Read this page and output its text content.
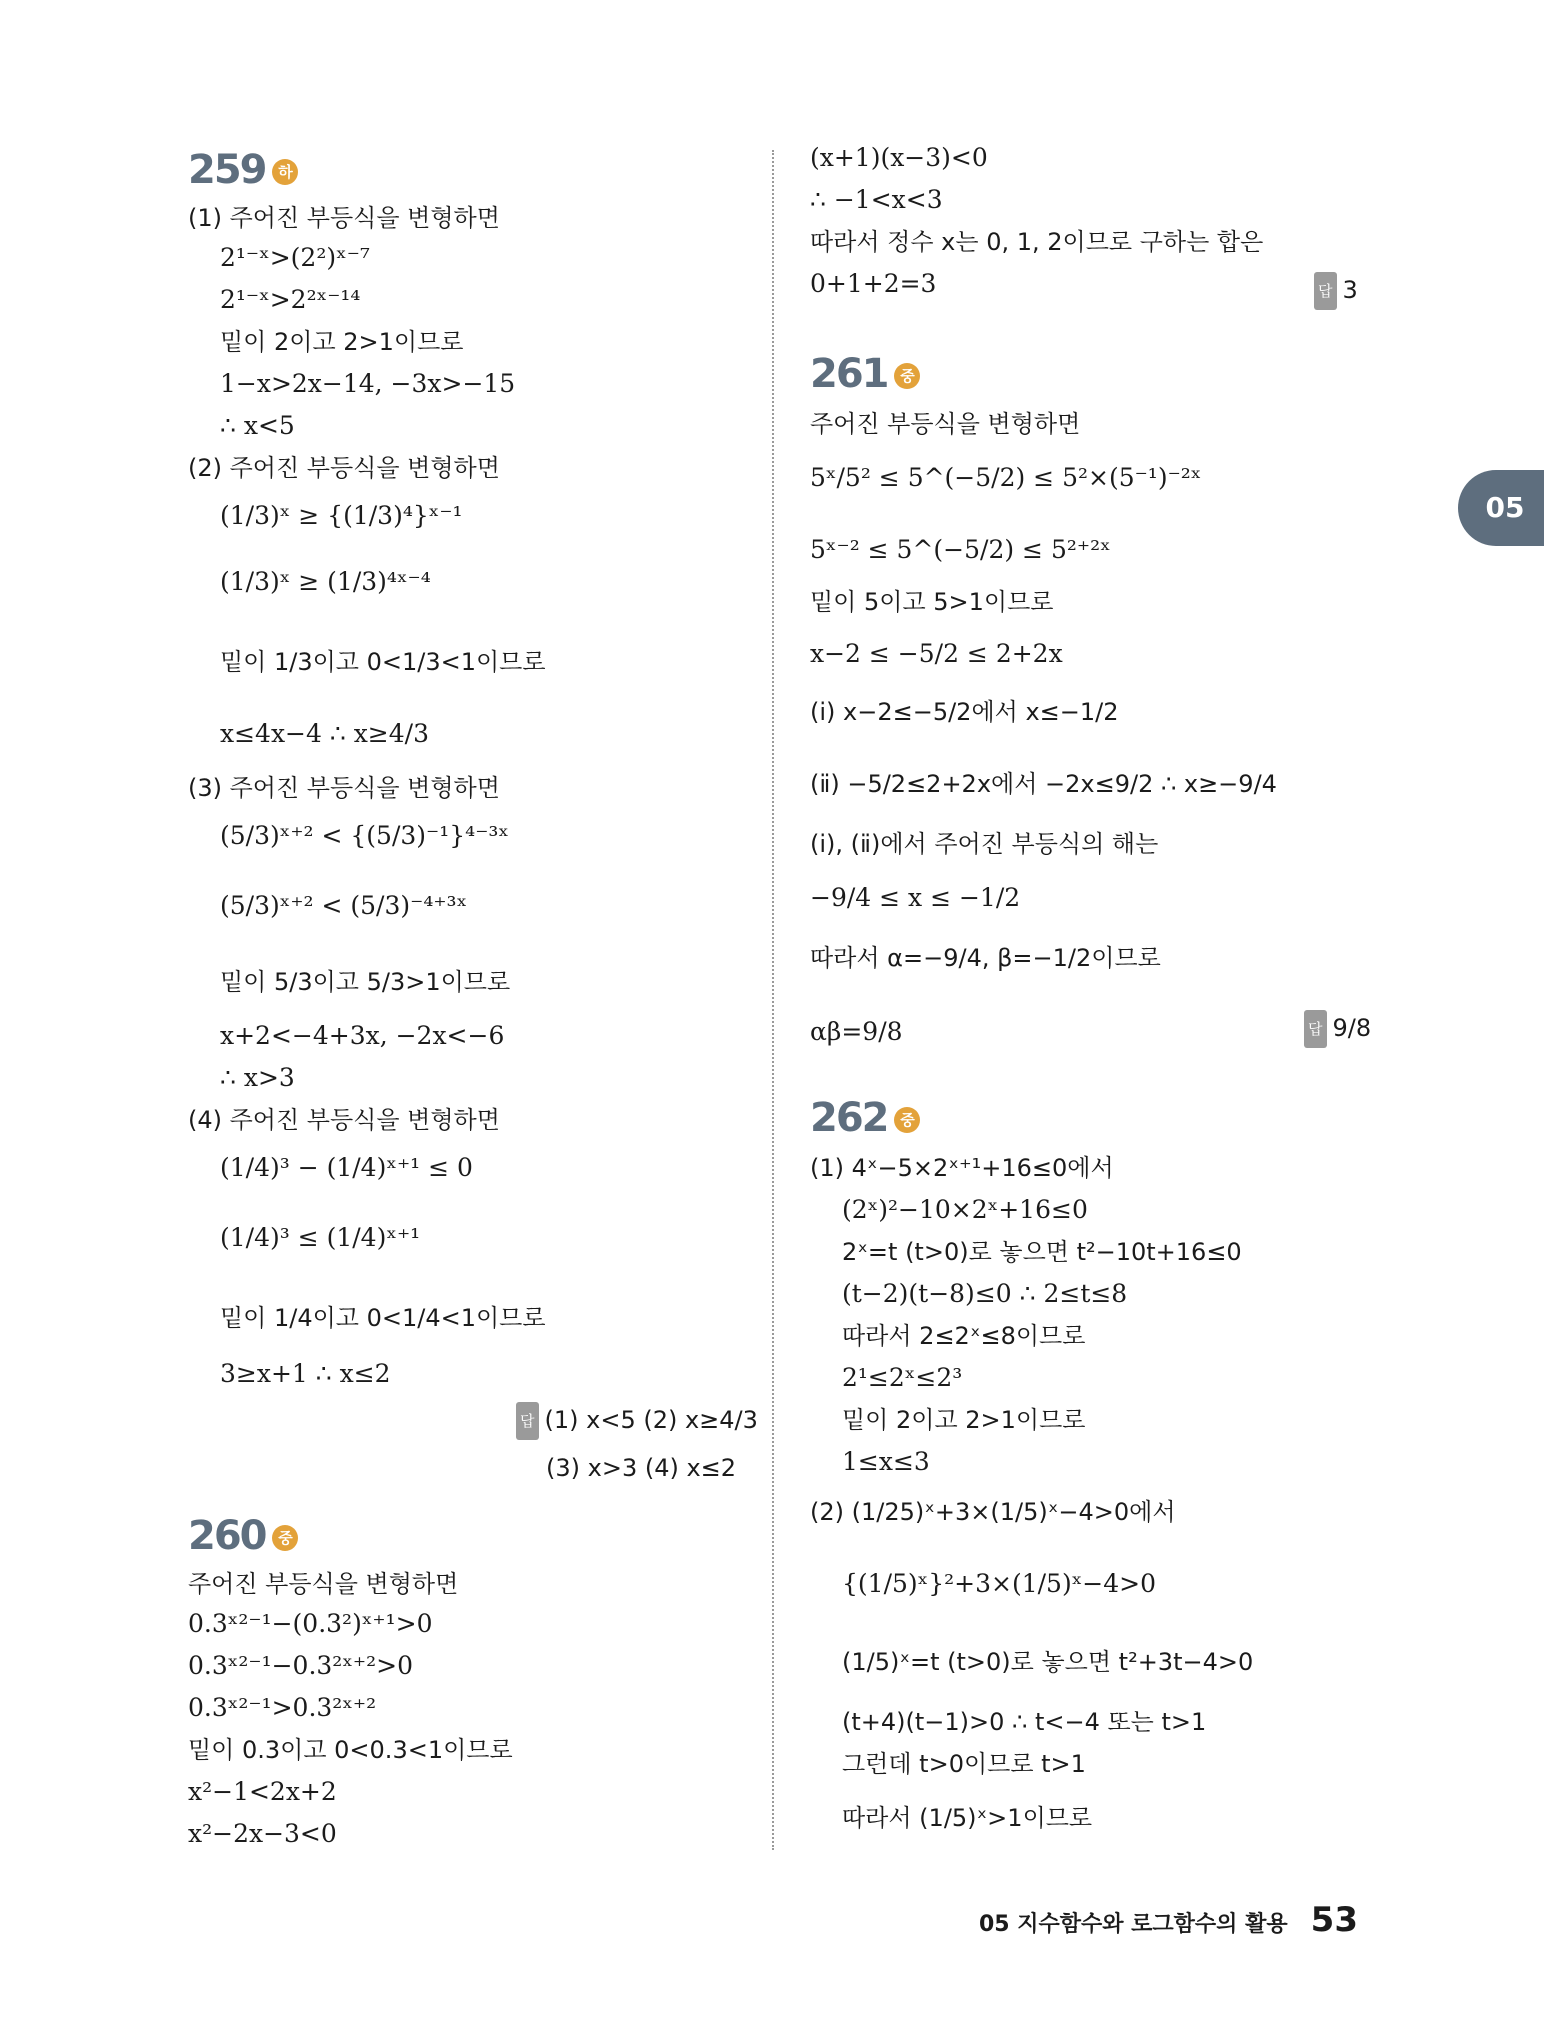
259 하
(1) 주어진 부등식을 변형하면
2¹⁻ˣ>(2²)ˣ⁻⁷
2¹⁻ˣ>2²ˣ⁻¹⁴
밑이 2이고 2>1이므로
1−x>2x−14, −3x>−15
∴ x<5
(2) 주어진 부등식을 변형하면
(1/3)ˣ ≥ {(1/3)⁴}ˣ⁻¹
(1/3)ˣ ≥ (1/3)⁴ˣ⁻⁴
밑이 1/3이고 0<1/3<1이므로
x≤4x−4 ∴ x≥4/3
(3) 주어진 부등식을 변형하면
(5/3)ˣ⁺² < {(5/3)⁻¹}⁴⁻³ˣ
(5/3)ˣ⁺² < (5/3)⁻⁴⁺³ˣ
밑이 5/3이고 5/3>1이므로
x+2<−4+3x, −2x<−6
∴ x>3
(4) 주어진 부등식을 변형하면
(1/4)³ − (1/4)ˣ⁺¹ ≤ 0
(1/4)³ ≤ (1/4)ˣ⁺¹
밑이 1/4이고 0<1/4<1이므로
3≥x+1 ∴ x≤2
답 (1) x<5 (2) x≥4/3
(3) x>3 (4) x≤2
260 중
주어진 부등식을 변형하면
0.3ˣ²⁻¹−(0.3²)ˣ⁺¹>0
0.3ˣ²⁻¹−0.3²ˣ⁺²>0
0.3ˣ²⁻¹>0.3²ˣ⁺²
밑이 0.3이고 0<0.3<1이므로
x²−1<2x+2
x²−2x−3<0
(x+1)(x−3)<0
∴ −1<x<3
따라서 정수 x는 0, 1, 2이므로 구하는 합은
0+1+2=3	답 3
261 중
주어진 부등식을 변형하면
5ˣ/5² ≤ 5^(−5/2) ≤ 5²×(5⁻¹)⁻²ˣ
5ˣ⁻² ≤ 5^(−5/2) ≤ 5²⁺²ˣ
밑이 5이고 5>1이므로
x−2 ≤ −5/2 ≤ 2+2x
(ⅰ) x−2≤−5/2에서 x≤−1/2
(ⅱ) −5/2≤2+2x에서 −2x≤9/2 ∴ x≥−9/4
(ⅰ), (ⅱ)에서 주어진 부등식의 해는
−9/4 ≤ x ≤ −1/2
따라서 α=−9/4, β=−1/2이므로
αβ=9/8	답 9/8
262 중
(1) 4ˣ−5×2ˣ⁺¹+16≤0에서
(2ˣ)²−10×2ˣ+16≤0
2ˣ=t (t>0)로 놓으면 t²−10t+16≤0
(t−2)(t−8)≤0 ∴ 2≤t≤8
따라서 2≤2ˣ≤8이므로
2¹≤2ˣ≤2³
밑이 2이고 2>1이므로
1≤x≤3
(2) (1/25)ˣ+3×(1/5)ˣ−4>0에서
{(1/5)ˣ}²+3×(1/5)ˣ−4>0
(1/5)ˣ=t (t>0)로 놓으면 t²+3t−4>0
(t+4)(t−1)>0 ∴ t<−4 또는 t>1
그런데 t>0이므로 t>1
따라서 (1/5)ˣ>1이므로
05
05 지수함수와 로그함수의 활용 53
